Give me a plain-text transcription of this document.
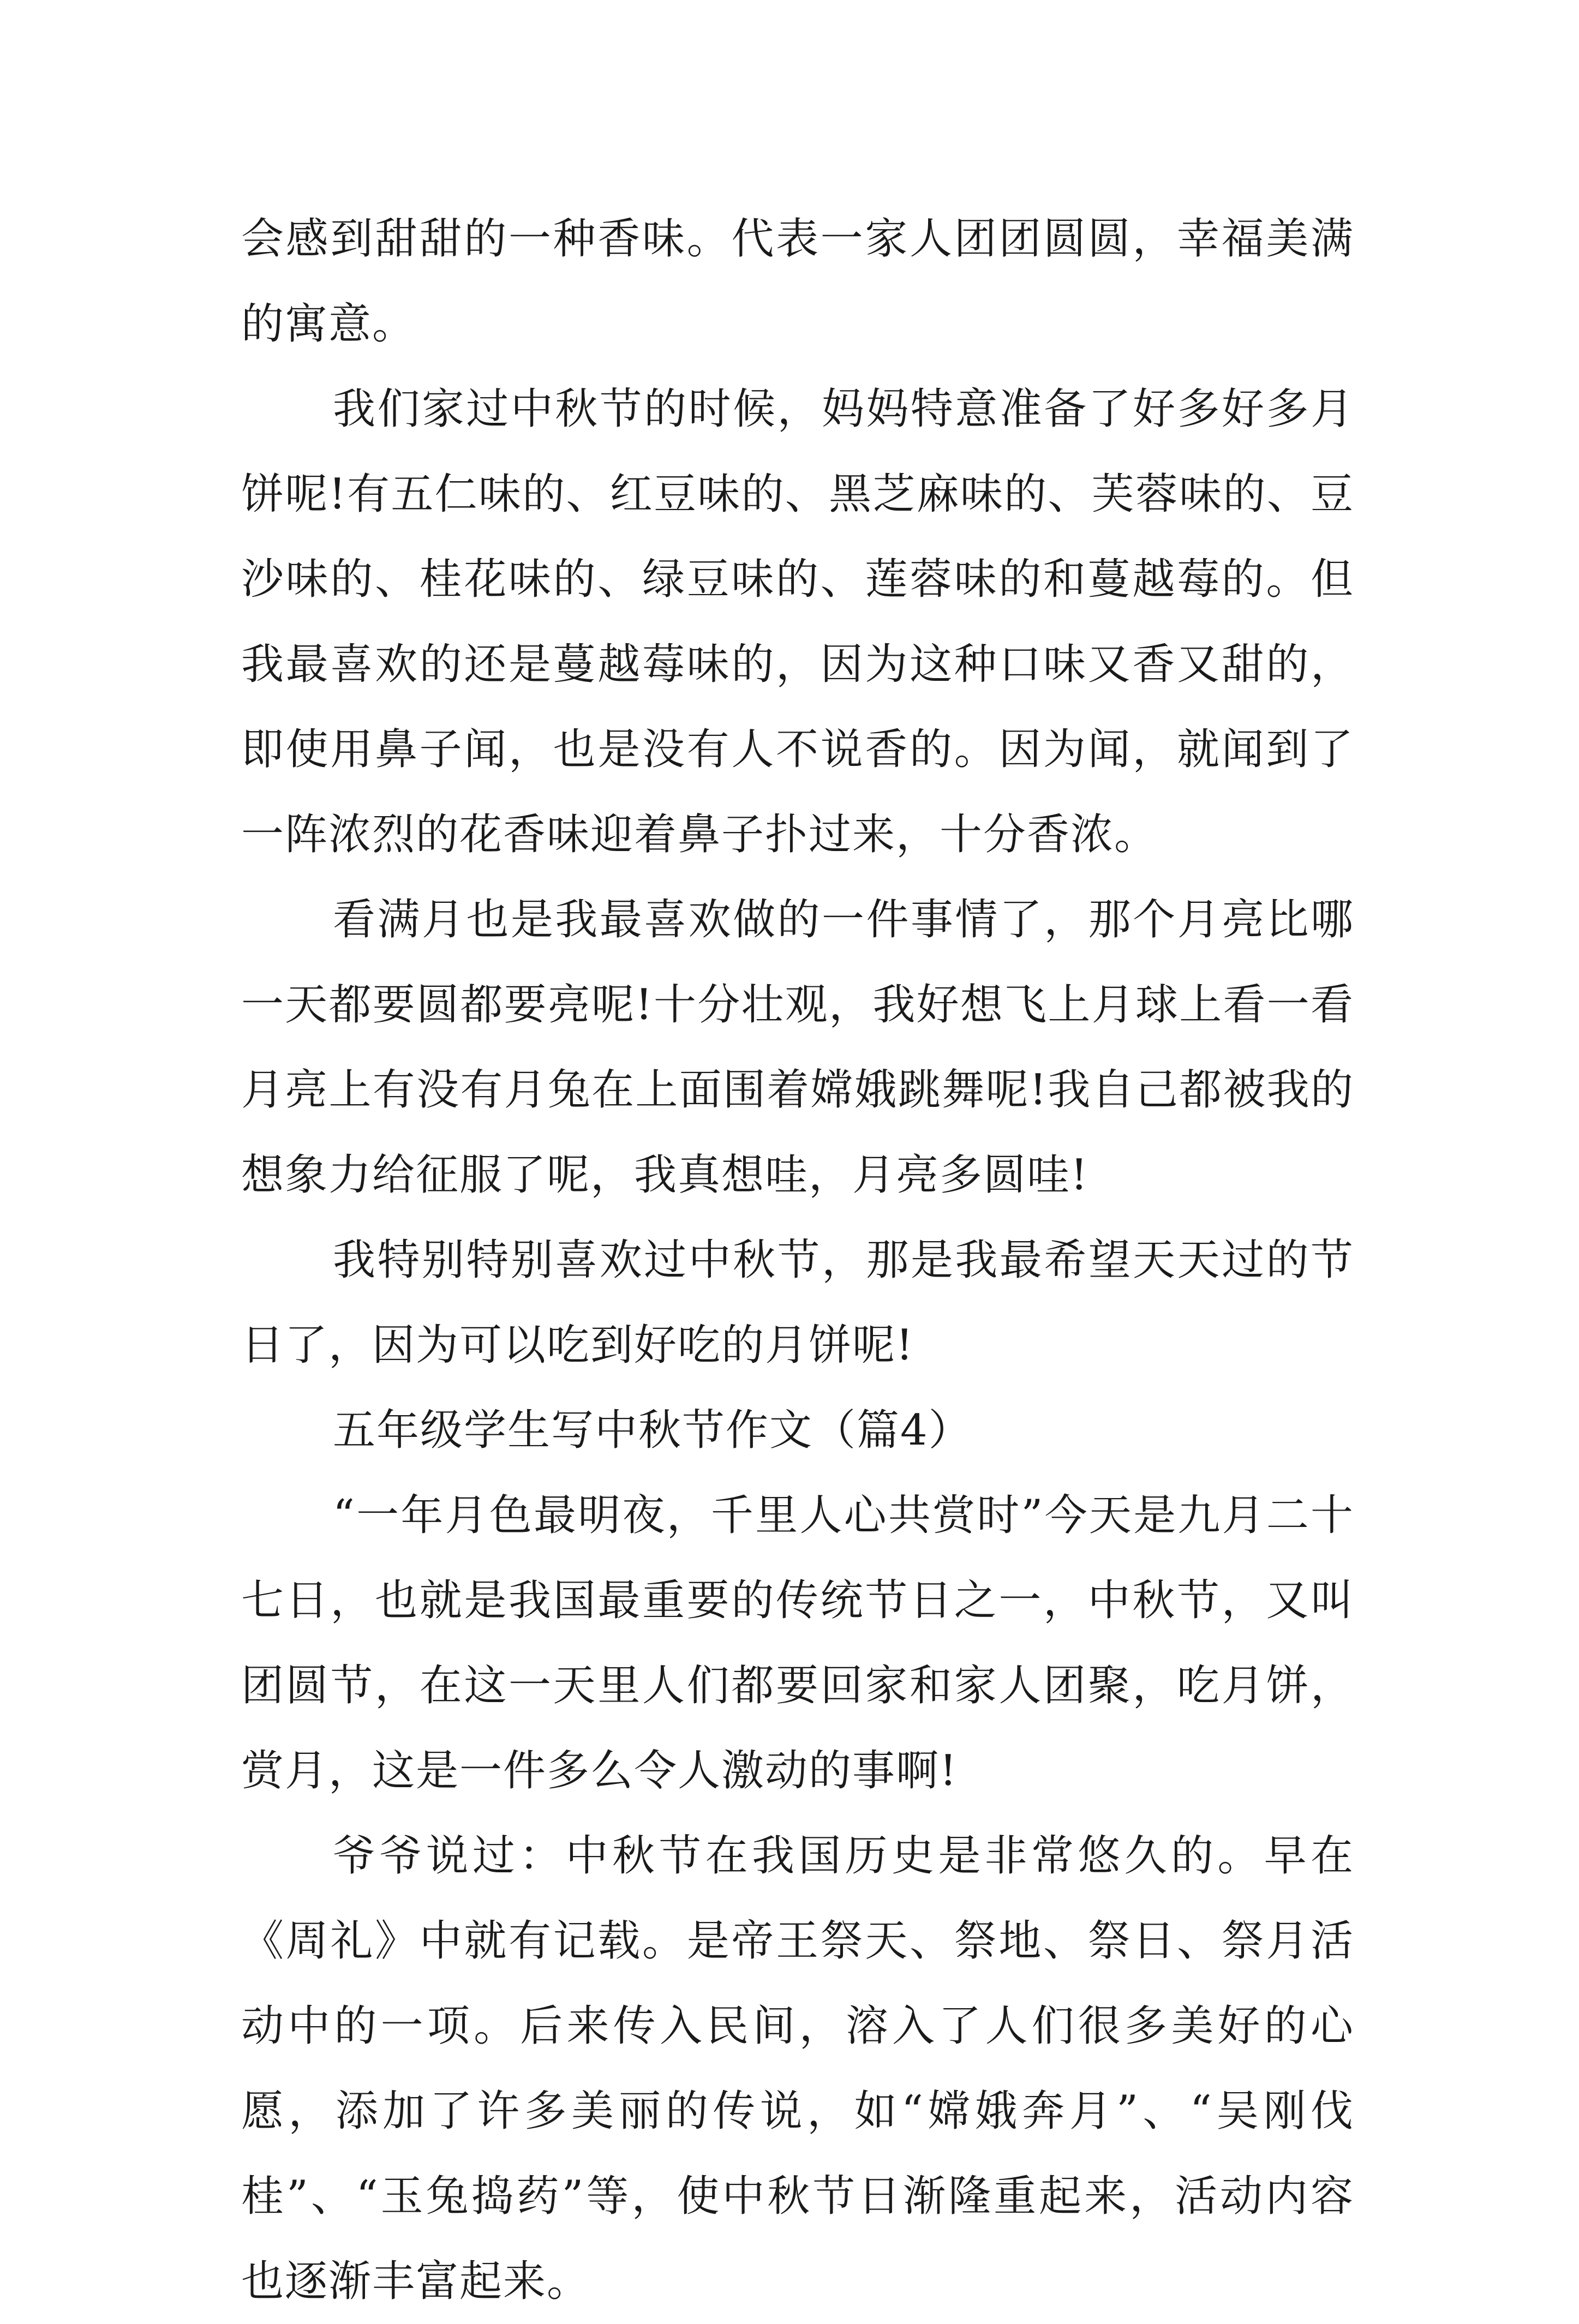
会感到甜甜的一种香味。代表一家人团团圆圆，幸福美满的寓意。

我们家过中秋节的时候，妈妈特意准备了好多好多月饼呢!有五仁味的、红豆味的、黑芝麻味的、芙蓉味的、豆沙味的、桂花味的、绿豆味的、莲蓉味的和蔓越莓的。但我最喜欢的还是蔓越莓味的，因为这种口味又香又甜的，即使用鼻子闻，也是没有人不说香的。因为闻，就闻到了一阵浓烈的花香味迎着鼻子扑过来，十分香浓。

看满月也是我最喜欢做的一件事情了，那个月亮比哪一天都要圆都要亮呢!十分壮观，我好想飞上月球上看一看月亮上有没有月兔在上面围着嫦娥跳舞呢!我自己都被我的想象力给征服了呢，我真想哇，月亮多圆哇!

我特别特别喜欢过中秋节，那是我最希望天天过的节日了，因为可以吃到好吃的月饼呢!

五年级学生写中秋节作文（篇4）

“一年月色最明夜，千里人心共赏时”今天是九月二十七日，也就是我国最重要的传统节日之一，中秋节，又叫团圆节，在这一天里人们都要回家和家人团聚，吃月饼，赏月，这是一件多么令人激动的事啊!

爷爷说过：中秋节在我国历史是非常悠久的。早在《周礼》中就有记载。是帝王祭天、祭地、祭日、祭月活动中的一项。后来传入民间，溶入了人们很多美好的心愿，添加了许多美丽的传说，如“嫦娥奔月”、“吴刚伐桂”、“玉兔捣药”等，使中秋节日渐隆重起来，活动内容也逐渐丰富起来。
